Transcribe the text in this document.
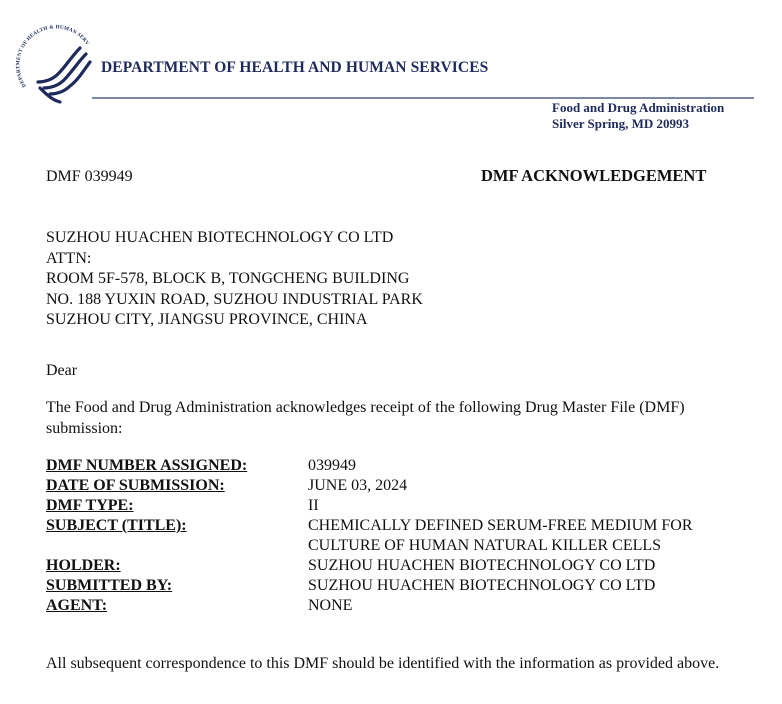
DEPARTMENT OF HEALTH & HUMAN SERV
DEPARTMENT OF HEALTH AND HUMAN SERVICES
Food and Drug Administration
Silver Spring, MD 20993
DMF 039949	DMF ACKNOWLEDGEMENT
SUZHOU HUACHEN BIOTECHNOLOGY CO LTD
ATTN:
ROOM 5F-578, BLOCK B, TONGCHENG BUILDING
NO. 188 YUXIN ROAD, SUZHOU INDUSTRIAL PARK
SUZHOU CITY, JIANGSU PROVINCE, CHINA
Dear
The Food and Drug Administration acknowledges receipt of the following Drug Master File (DMF) submission:
DMF NUMBER ASSIGNED:	039949
DATE OF SUBMISSION:	JUNE 03, 2024
DMF TYPE:	II
SUBJECT (TITLE):	CHEMICALLY DEFINED SERUM-FREE MEDIUM FOR
CULTURE OF HUMAN NATURAL KILLER CELLS
HOLDER:	SUZHOU HUACHEN BIOTECHNOLOGY CO LTD
SUBMITTED BY:	SUZHOU HUACHEN BIOTECHNOLOGY CO LTD
AGENT:	NONE
All subsequent correspondence to this DMF should be identified with the information as provided above.
